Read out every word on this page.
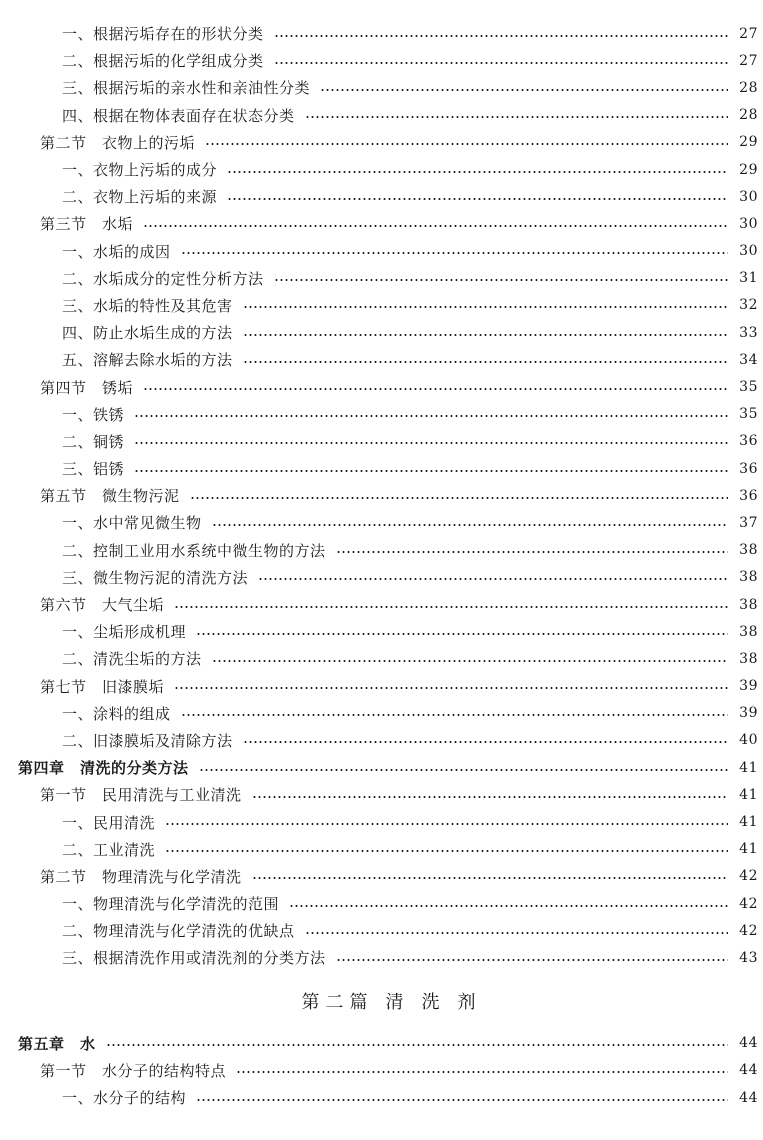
一、根据污垢存在的形状分类	27
二、根据污垢的化学组成分类	27
三、根据污垢的亲水性和亲油性分类	28
四、根据在物体表面存在状态分类	28
第二节　衣物上的污垢	29
一、衣物上污垢的成分	29
二、衣物上污垢的来源	30
第三节　水垢	30
一、水垢的成因	30
二、水垢成分的定性分析方法	31
三、水垢的特性及其危害	32
四、防止水垢生成的方法	33
五、溶解去除水垢的方法	34
第四节　锈垢	35
一、铁锈	35
二、铜锈	36
三、铝锈	36
第五节　微生物污泥	36
一、水中常见微生物	37
二、控制工业用水系统中微生物的方法	38
三、微生物污泥的清洗方法	38
第六节　大气尘垢	38
一、尘垢形成机理	38
二、清洗尘垢的方法	38
第七节　旧漆膜垢	39
一、涂料的组成	39
二、旧漆膜垢及清除方法	40
第四章　清洗的分类方法	41
第一节　民用清洗与工业清洗	41
一、民用清洗	41
二、工业清洗	41
第二节　物理清洗与化学清洗	42
一、物理清洗与化学清洗的范围	42
二、物理清洗与化学清洗的优缺点	42
三、根据清洗作用或清洗剂的分类方法	43
第二篇 清 洗 剂
第五章　水	44
第一节　水分子的结构特点	44
一、水分子的结构	44
